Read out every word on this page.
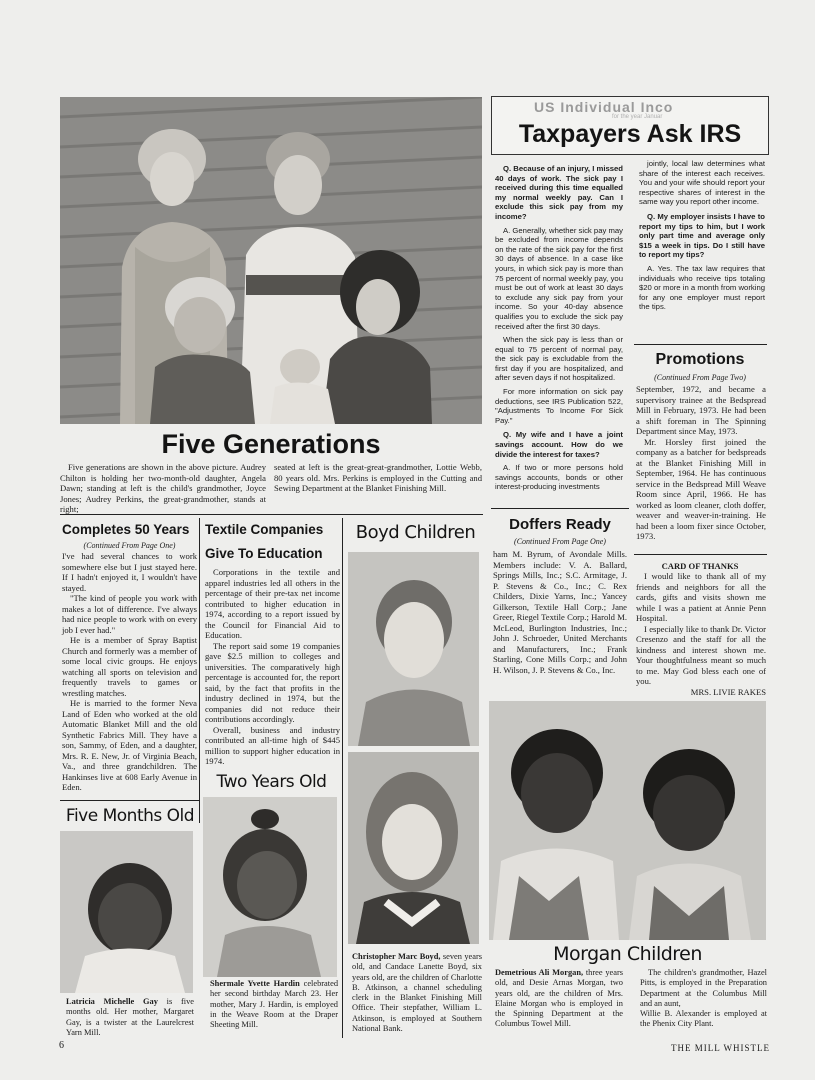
Five Generations
Five generations are shown in the above picture. Audrey Chilton is holding her two-month-old daughter, Angela Dawn; standing at left is the child's grandmother, Joyce Jones; Audrey Perkins, the great-grandmother, stands at right;
seated at left is the great-great-grandmother, Lottie Webb, 80 years old. Mrs. Perkins is employed in the Cutting and Sewing Department at the Blanket Finishing Mill.
US Individual Inco
for the year Januar
Taxpayers Ask IRS

Q. Because of an injury, I missed 40 days of work. The sick pay I received during this time equalled my normal weekly pay. Can I exclude this sick pay from my income?

A. Generally, whether sick pay may be excluded from income depends on the rate of the sick pay for the first 30 days of absence. In a case like yours, in which sick pay is more than 75 percent of normal weekly pay, you must be out of work at least 30 days to exclude any sick pay from your income. So your 40-day absence qualifies you to exclude the sick pay received after the first 30 days.

When the sick pay is less than or equal to 75 percent of normal pay, the sick pay is excludable from the first day if you are hospitalized, and after seven days if not hospitalized.

For more information on sick pay deductions, see IRS Publication 522, "Adjustments To Income For Sick Pay."

Q. My wife and I have a joint savings account. How do we divide the interest for taxes?

A. If two or more persons hold savings accounts, bonds or other interest-producing investments

jointly, local law determines what share of the interest each receives. You and your wife should report your respective shares of interest in the same way you report other income.

Q. My employer insists I have to report my tips to him, but I work only part time and average only $15 a week in tips. Do I still have to report my tips?

A. Yes. The tax law requires that individuals who receive tips totaling $20 or more in a month from working for any one employer must report the tips.

Promotions
(Continued From Page Two)

September, 1972, and became a supervisory trainee at the Bedspread Mill in February, 1973. He had been a shift foreman in The Spinning Department since May, 1973.

Mr. Horsley first joined the company as a batcher for bedspreads at the Blanket Finishing Mill in September, 1964. He has continuous service in the Bedspread Mill Weave Room since April, 1966. He has worked as loom cleaner, cloth doffer, weaver and weaver-in-training. He had been a loom fixer since October, 1973.

CARD OF THANKS

I would like to thank all of my friends and neighbors for all the cards, gifts and visits shown me while I was a patient at Annie Penn Hospital.

I especially like to thank Dr. Victor Cresenzo and the staff for all the kindness and interest shown me. Your thoughtfulness meant so much to me. May God bless each one of you.

MRS. LIVIE RAKES

Completes 50 Years
(Continued From Page One)

I've had several chances to work somewhere else but I just stayed here. If I hadn't enjoyed it, I wouldn't have stayed.

"The kind of people you work with makes a lot of difference. I've always had nice people to work with on every job I ever had."

He is a member of Spray Baptist Church and formerly was a member of some local civic groups. He enjoys watching all sports on television and frequently travels to games or wrestling matches.

He is married to the former Neva Land of Eden who worked at the old Automatic Blanket Mill and the old Synthetic Fabrics Mill. They have a son, Sammy, of Eden, and a daughter, Mrs. R. E. New, Jr. of Virginia Beach, Va., and three grandchildren. The Hankinses live at 608 Early Avenue in Eden.

Textile Companies
Give To Education

Corporations in the textile and apparel industries led all others in the percentage of their pre-tax net income contributed to higher education in 1974, according to a report issued by the Council for Financial Aid to Education.

The report said some 19 companies gave $2.5 million to colleges and universities. The comparatively high percentage is accounted for, the report said, by the fact that profits in the industry declined in 1974, but the companies did not reduce their contributions accordingly.

Overall, business and industry contributed an all-time high of $445 million to support higher education in 1974.

Boyd Children
Christopher Marc Boyd, seven years old, and Candace Lanette Boyd, six years old, are the children of Charlotte B. Atkinson, a channel scheduling clerk in the Blanket Finishing Mill Office. Their stepfather, William L. Atkinson, is employed at Southern National Bank.
Doffers Ready
(Continued From Page One)
ham M. Byrum, of Avondale Mills. Members include: V. A. Ballard, Springs Mills, Inc.; S.C. Armitage, J. P. Stevens & Co., Inc.; C. Rex Childers, Dixie Yarns, Inc.; Yancey Gilkerson, Textile Hall Corp.; Jane Greer, Riegel Textile Corp.; Harold M. McLeod, Burlington Industries, Inc.; John J. Schroeder, United Merchants and Manufacturers, Inc.; Frank Starling, Cone Mills Corp.; and John H. Wilson, J. P. Stevens & Co., Inc.
Five Months Old
Latricia Michelle Gay is five months old. Her mother, Margaret Gay, is a twister at the Laurelcrest Yarn Mill.
Two Years Old
Shermale Yvette Hardin celebrated her second birthday March 23. Her mother, Mary J. Hardin, is employed in the Weave Room at the Draper Sheeting Mill.
Morgan Children
Demetrious Ali Morgan, three years old, and Desie Arnas Morgan, two years old, are the children of Mrs. Elaine Morgan who is employed in the Spinning Department at the Columbus Towel Mill.
The children's grandmother, Hazel Pitts, is employed in the Preparation Department at the Columbus Mill and an aunt,
Willie B. Alexander is employed at the Phenix City Plant.
6	THE MILL WHISTLE
